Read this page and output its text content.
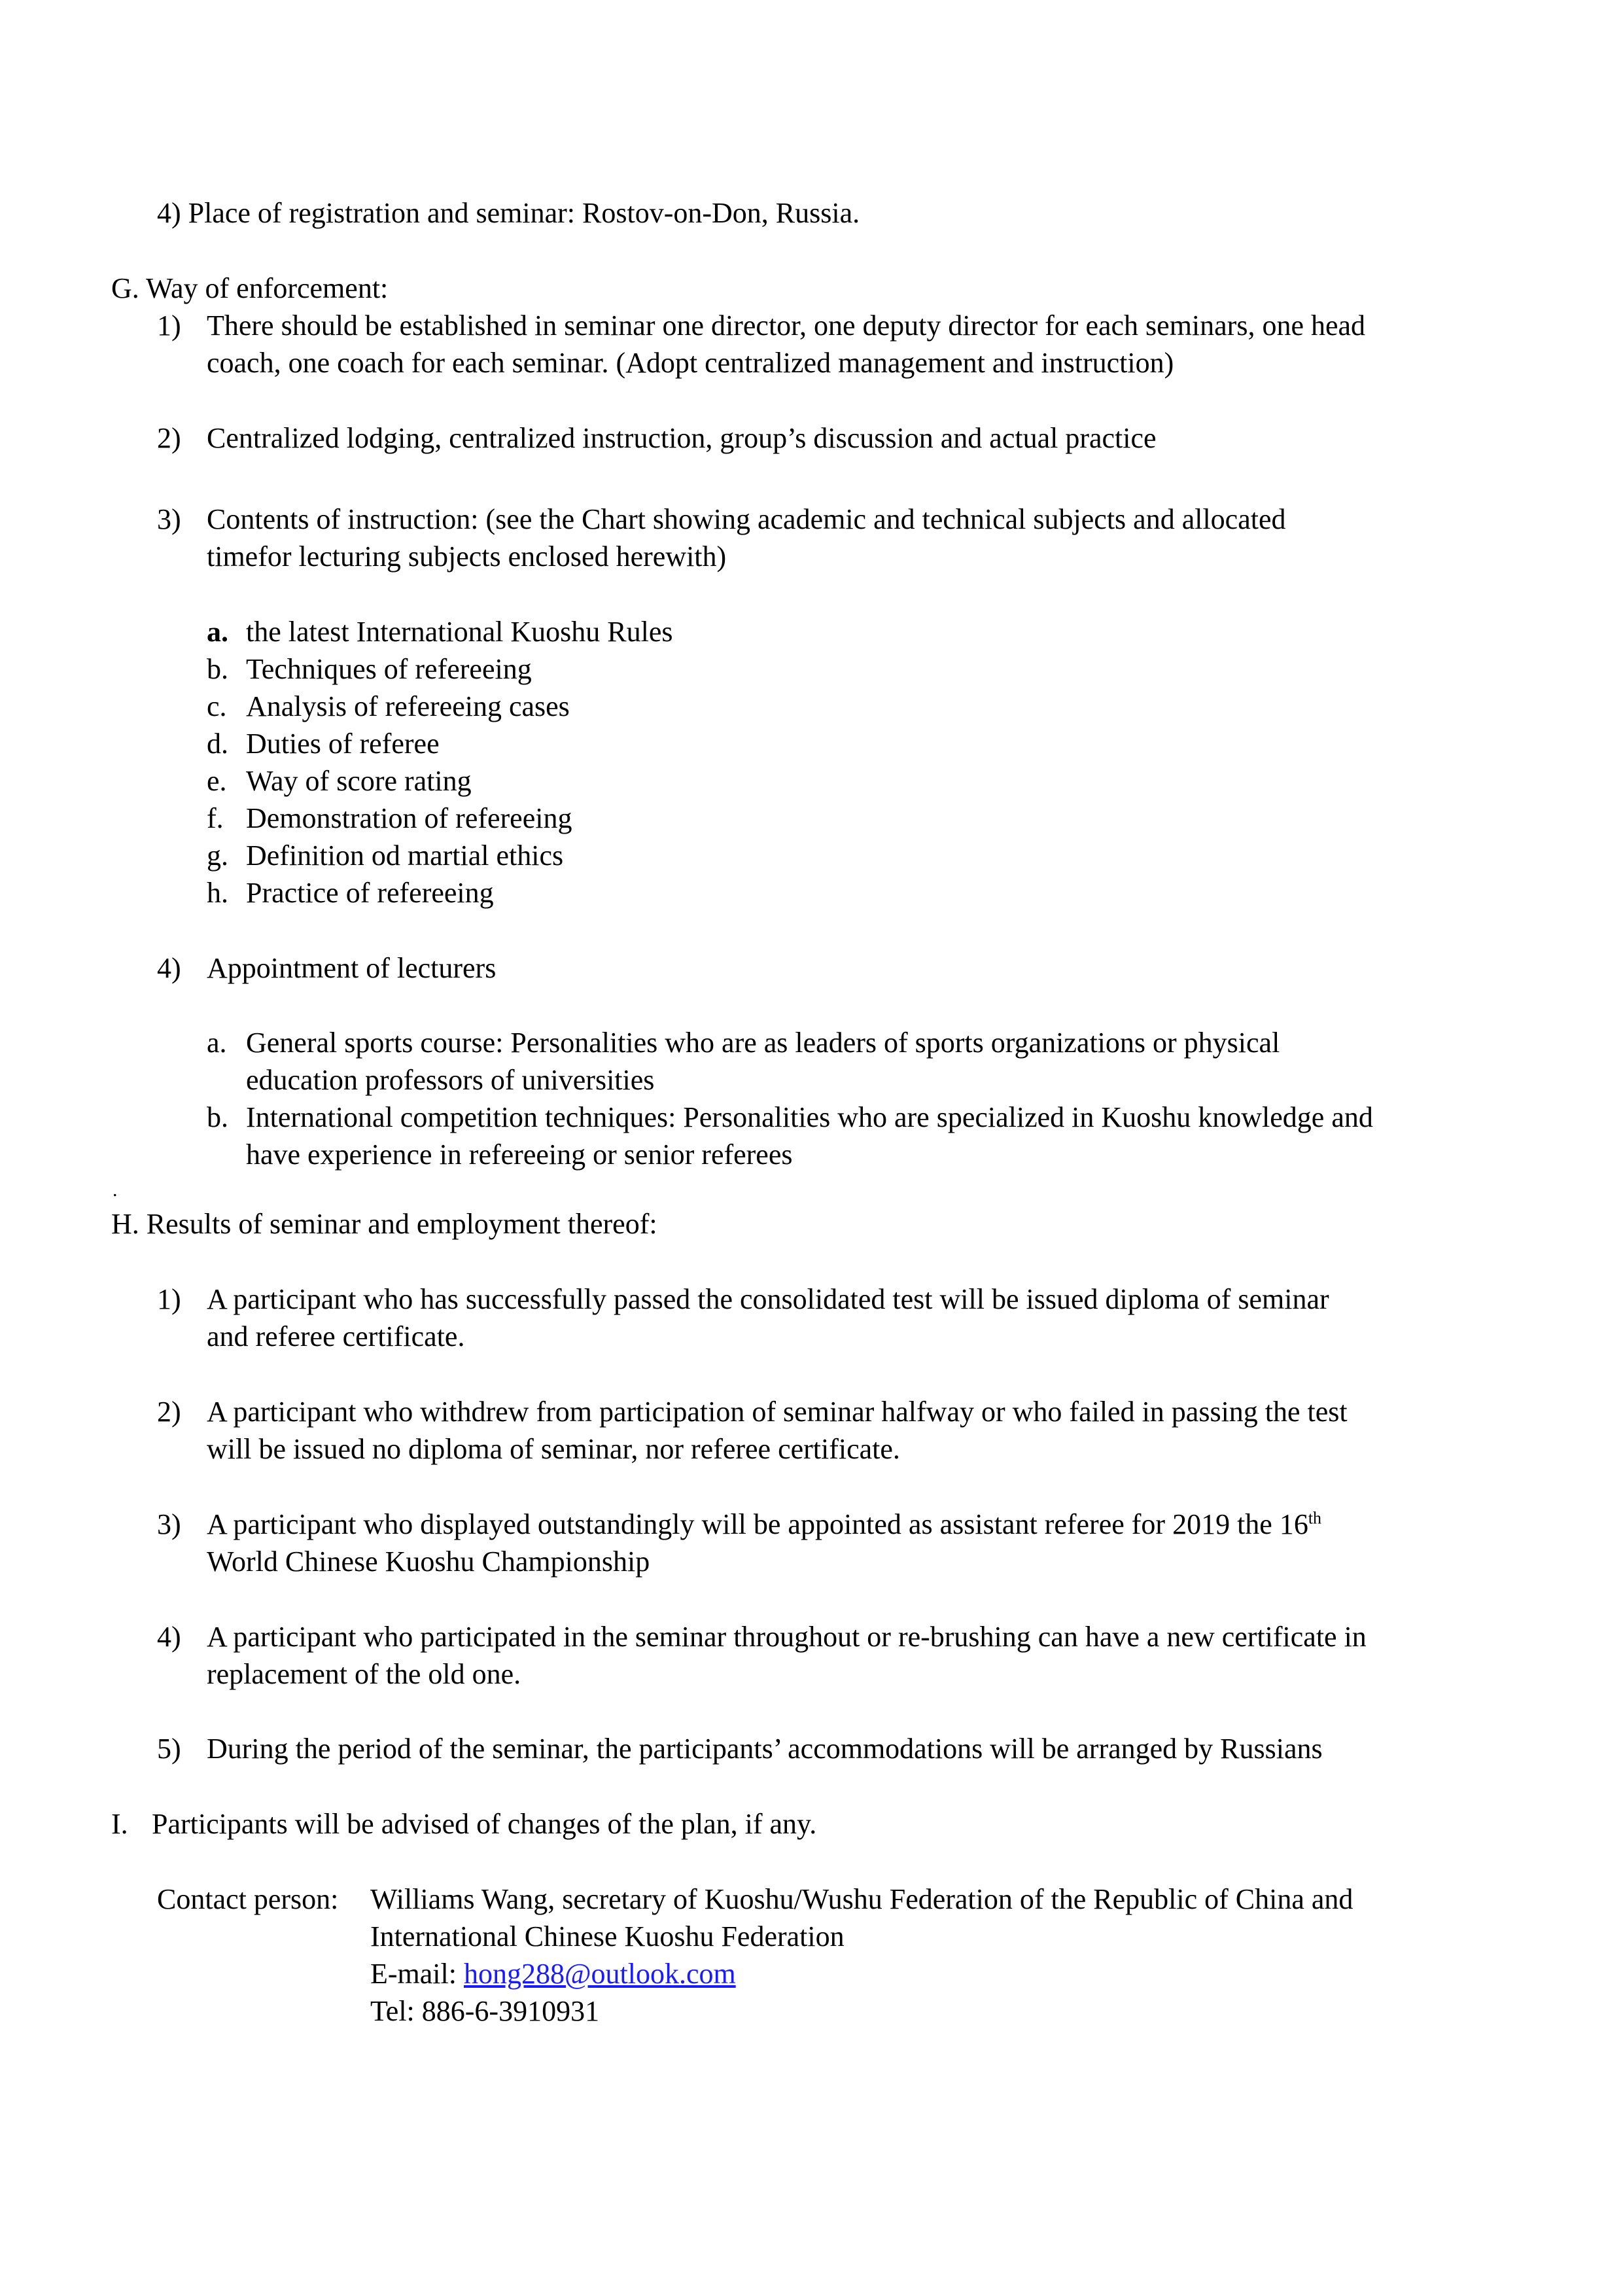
4) Place of registration and seminar: Rostov-on-Don, Russia.
G. Way of enforcement:
1) There should be established in seminar one director, one deputy director for each seminars, one head
coach, one coach for each seminar. (Adopt centralized management and instruction)
2) Centralized lodging, centralized instruction, group’s discussion and actual practice
3) Contents of instruction: (see the Chart showing academic and technical subjects and allocated
timefor lecturing subjects enclosed herewith)
a. the latest International Kuoshu Rules
b. Techniques of refereeing
c. Analysis of refereeing cases
d. Duties of referee
e. Way of score rating
f. Demonstration of refereeing
g. Definition od martial ethics
h. Practice of refereeing
4) Appointment of lecturers
a. General sports course: Personalities who are as leaders of sports organizations or physical
education professors of universities
b. International competition techniques: Personalities who are specialized in Kuoshu knowledge and
have experience in refereeing or senior referees
.
H. Results of seminar and employment thereof:
1) A participant who has successfully passed the consolidated test will be issued diploma of seminar
and referee certificate.
2) A participant who withdrew from participation of seminar halfway or who failed in passing the test
will be issued no diploma of seminar, nor referee certificate.
3) A participant who displayed outstandingly will be appointed as assistant referee for 2019 the 16th
World Chinese Kuoshu Championship
4) A participant who participated in the seminar throughout or re-brushing can have a new certificate in
replacement of the old one.
5) During the period of the seminar, the participants’ accommodations will be arranged by Russians
I. Participants will be advised of changes of the plan, if any.
Contact person: Williams Wang, secretary of Kuoshu/Wushu Federation of the Republic of China and
International Chinese Kuoshu Federation
E-mail: hong288@outlook.com
Tel: 886-6-3910931
